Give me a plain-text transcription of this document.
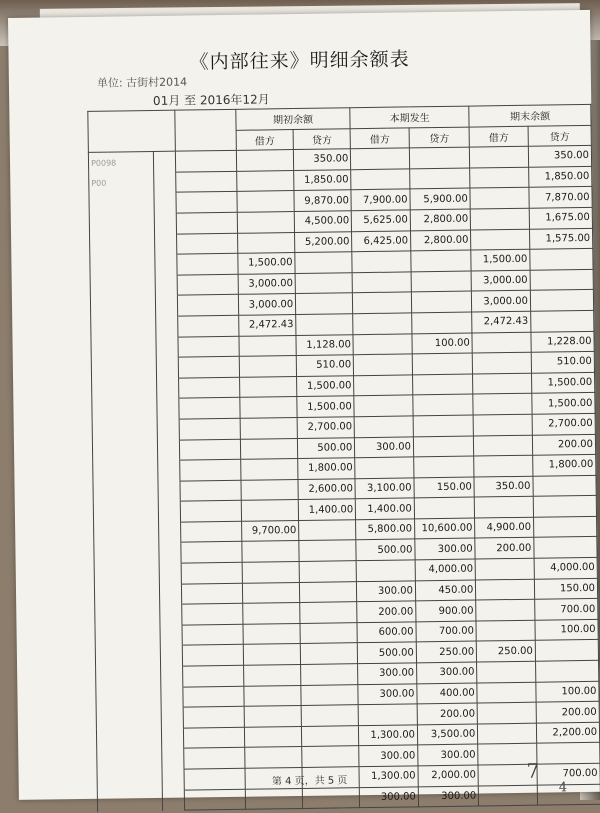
《内部往来》明细余额表
单位: 古街村2014
01月 至 2016年12月
			期初余额		本期发生		期末余额	
			借方	贷方	借方	贷方	借方	贷方
P0098				350.00				350.00
P00				1,850.00				1,850.00
				9,870.00	7,900.00	5,900.00		7,870.00
				4,500.00	5,625.00	2,800.00		1,675.00
				5,200.00	6,425.00	2,800.00		1,575.00
			1,500.00				1,500.00	
			3,000.00				3,000.00	
			3,000.00				3,000.00	
			2,472.43				2,472.43	
				1,128.00		100.00		1,228.00
				510.00				510.00
				1,500.00				1,500.00
				1,500.00				1,500.00
				2,700.00				2,700.00
				500.00	300.00			200.00
				1,800.00				1,800.00
				2,600.00	3,100.00	150.00	350.00	
				1,400.00	1,400.00			
			9,700.00		5,800.00	10,600.00	4,900.00	
					500.00	300.00	200.00	
						4,000.00		4,000.00
					300.00	450.00		150.00
					200.00	900.00		700.00
					600.00	700.00		100.00
					500.00	250.00	250.00	
					300.00	300.00		
					300.00	400.00		100.00
						200.00		200.00
					1,300.00	3,500.00		2,200.00
					300.00	300.00		
					1,300.00	2,000.00		700.00
					300.00	300.00		
第 4 页，共 5 页	7
4
